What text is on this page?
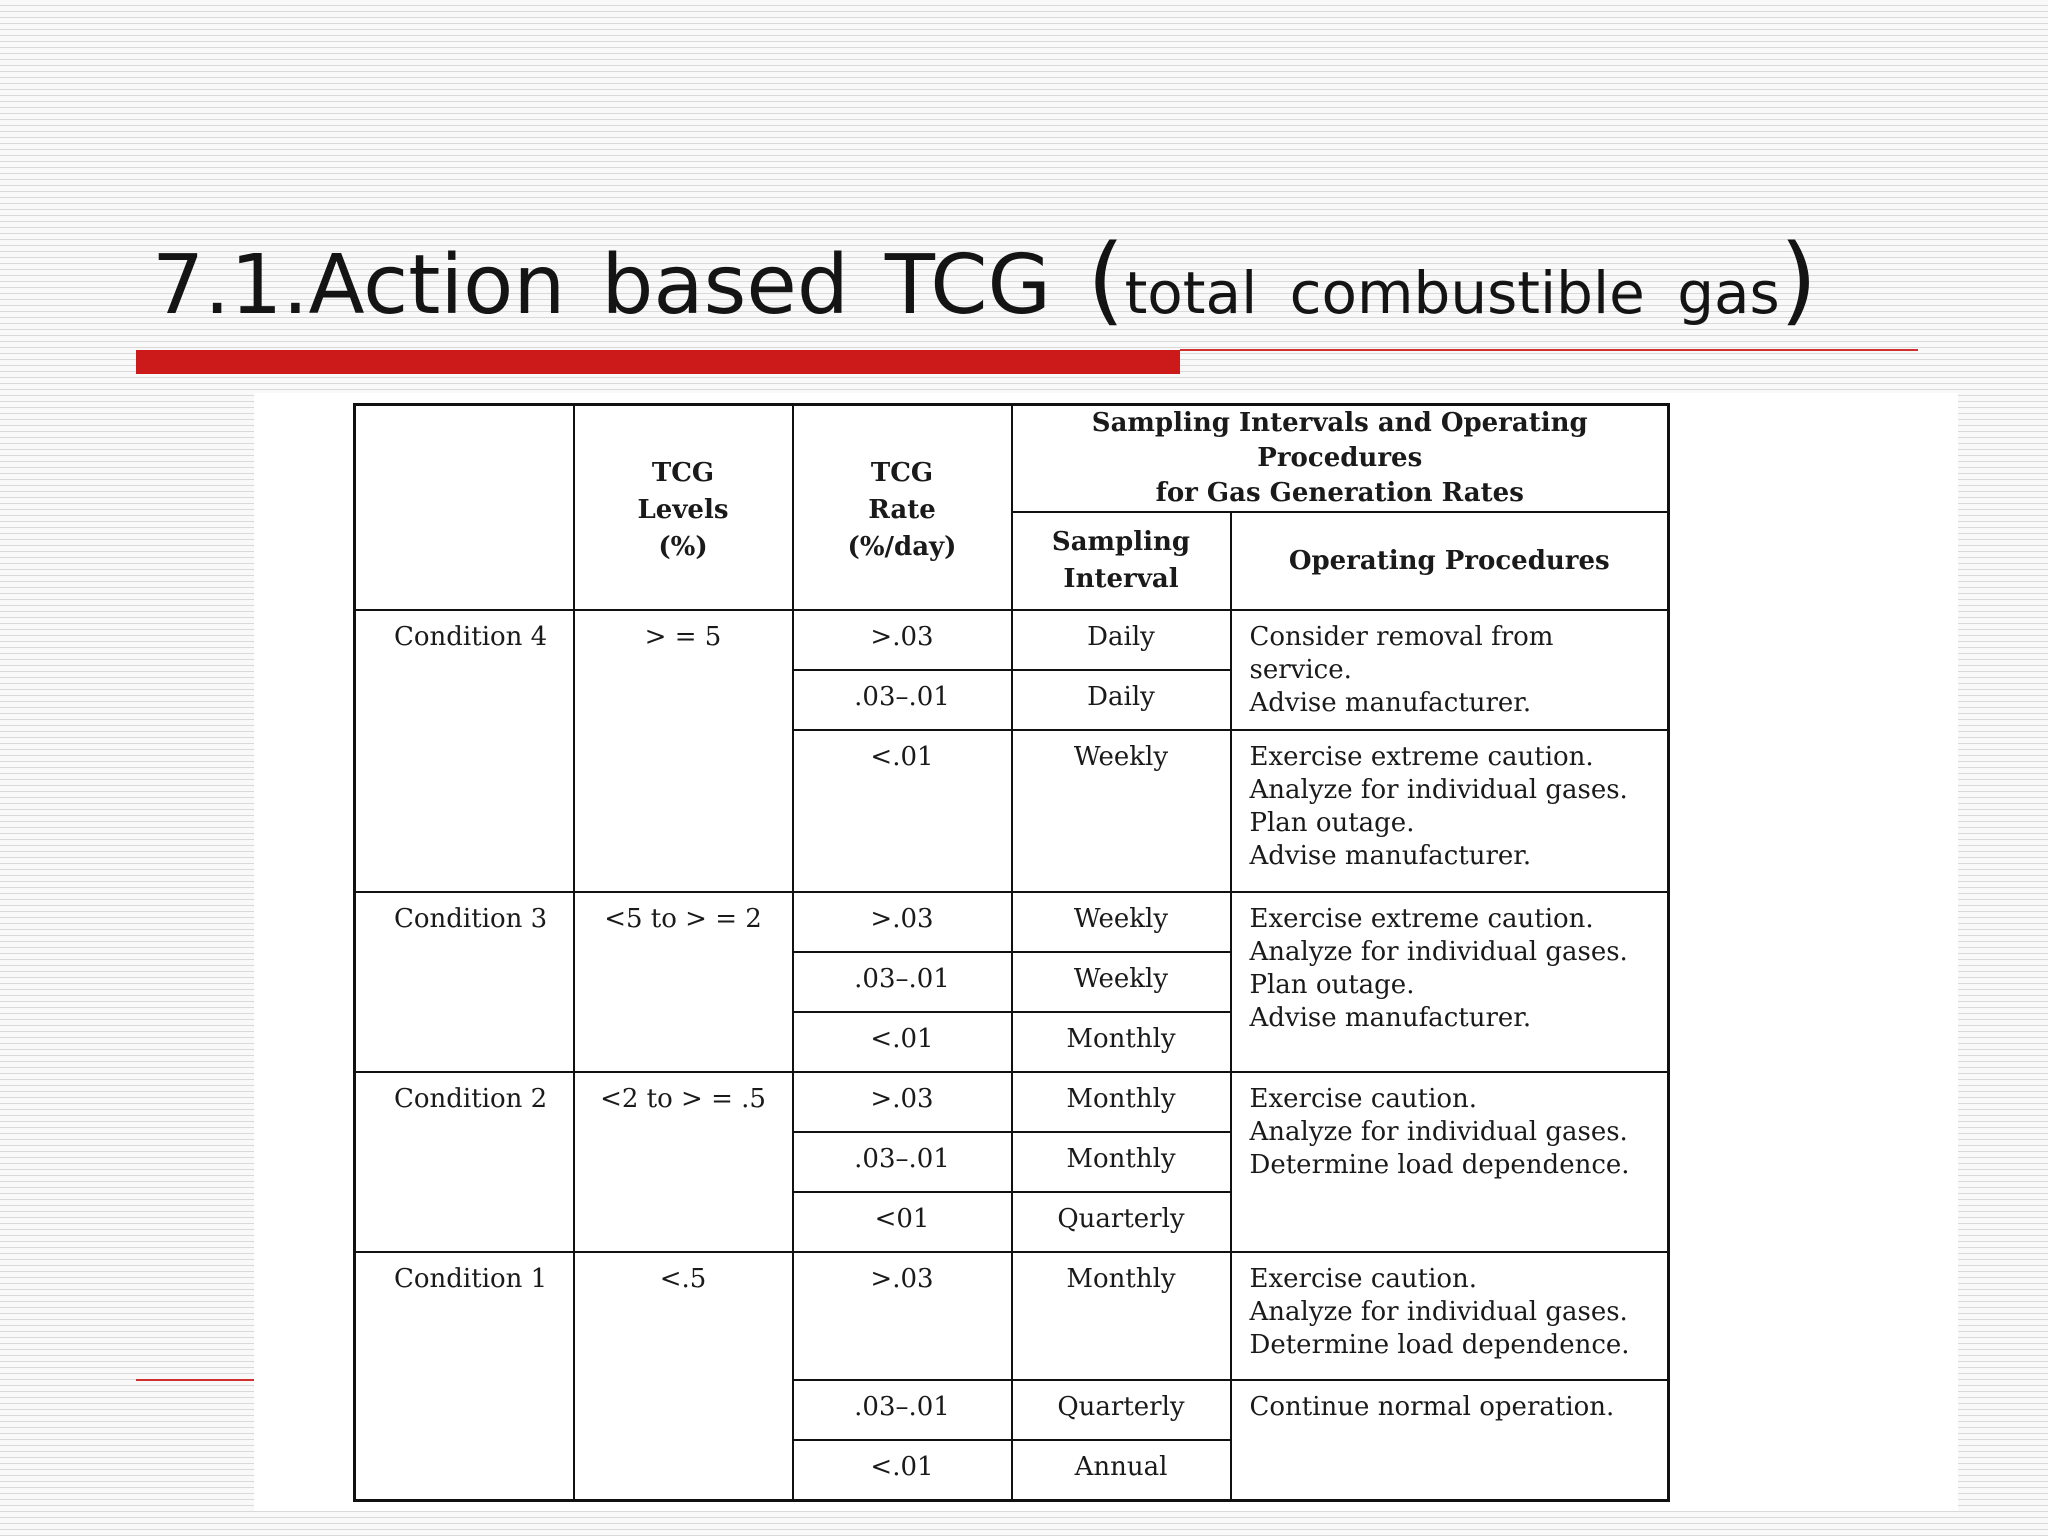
7.1.Action based TCG (total combustible gas)

	TCG
Levels
(%)	TCG
Rate
(%/day)	Sampling Intervals and Operating Procedures
for Gas Generation Rates	

			Sampling
Interval	Operating Procedures
Condition 4	> = 5	>.03	Daily	Consider removal from service.
Advise manufacturer.

		.03–.01	Daily	
		<.01	Weekly	Exercise extreme caution.
Analyze for individual gases.
Plan outage.
Advise manufacturer.

Condition 3	<5 to > = 2	>.03	Weekly	Exercise extreme caution.
Analyze for individual gases.
Plan outage.
Advise manufacturer.

		.03–.01	Weekly	
		<.01	Monthly	
Condition 2	<2 to > = .5	>.03	Monthly	Exercise caution.
Analyze for individual gases.
Determine load dependence.

		.03–.01	Monthly	
		<01	Quarterly	
Condition 1	<.5	>.03	Monthly	Exercise caution.
Analyze for individual gases.
Determine load dependence.

		.03–.01	Quarterly	Continue normal operation.

		<.01	Annual	
